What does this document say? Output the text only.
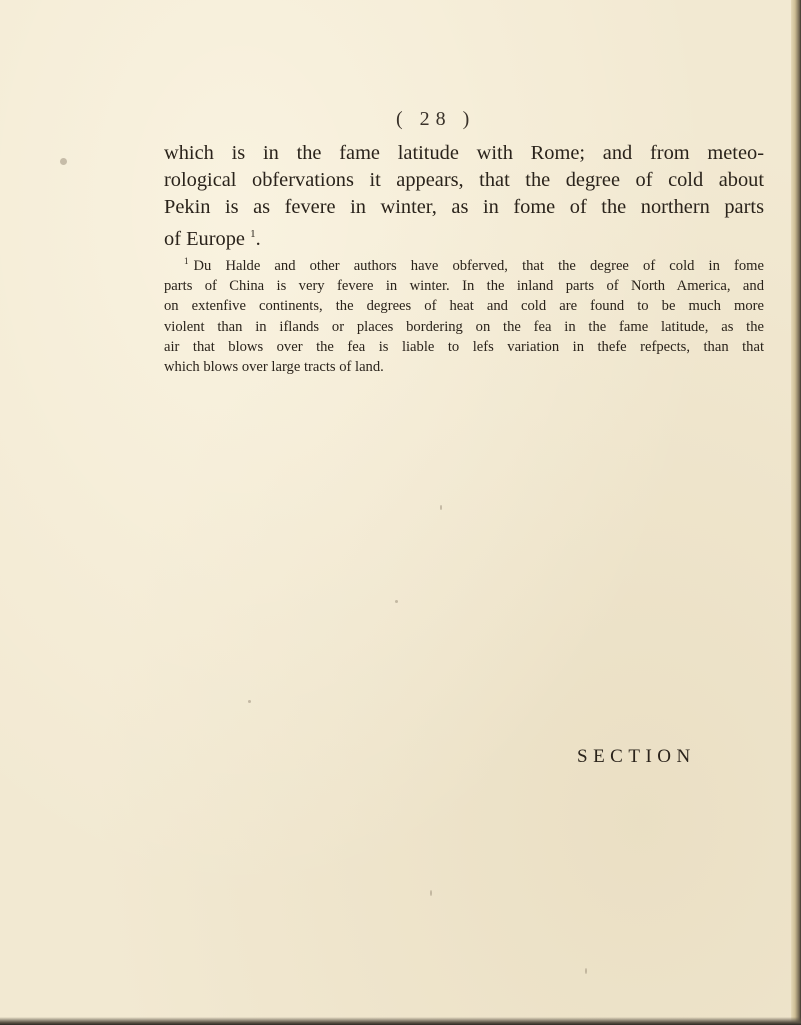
( 28 )
which is in the fame latitude with Rome; and from meteo-
rological obfervations it appears, that the degree of cold about
Pekin is as fevere in winter, as in fome of the northern parts
of Europe $^1$.
$^1$ Du Halde and other authors have obferved, that the degree of cold in fome
parts of China is very fevere in winter. In the inland parts of North America, and
on extenfive continents, the degrees of heat and cold are found to be much more
violent than in iflands or places bordering on the fea in the fame latitude, as the
air that blows over the fea is liable to lefs variation in thefe refpects, than that
which blows over large tracts of land.
SECTION
